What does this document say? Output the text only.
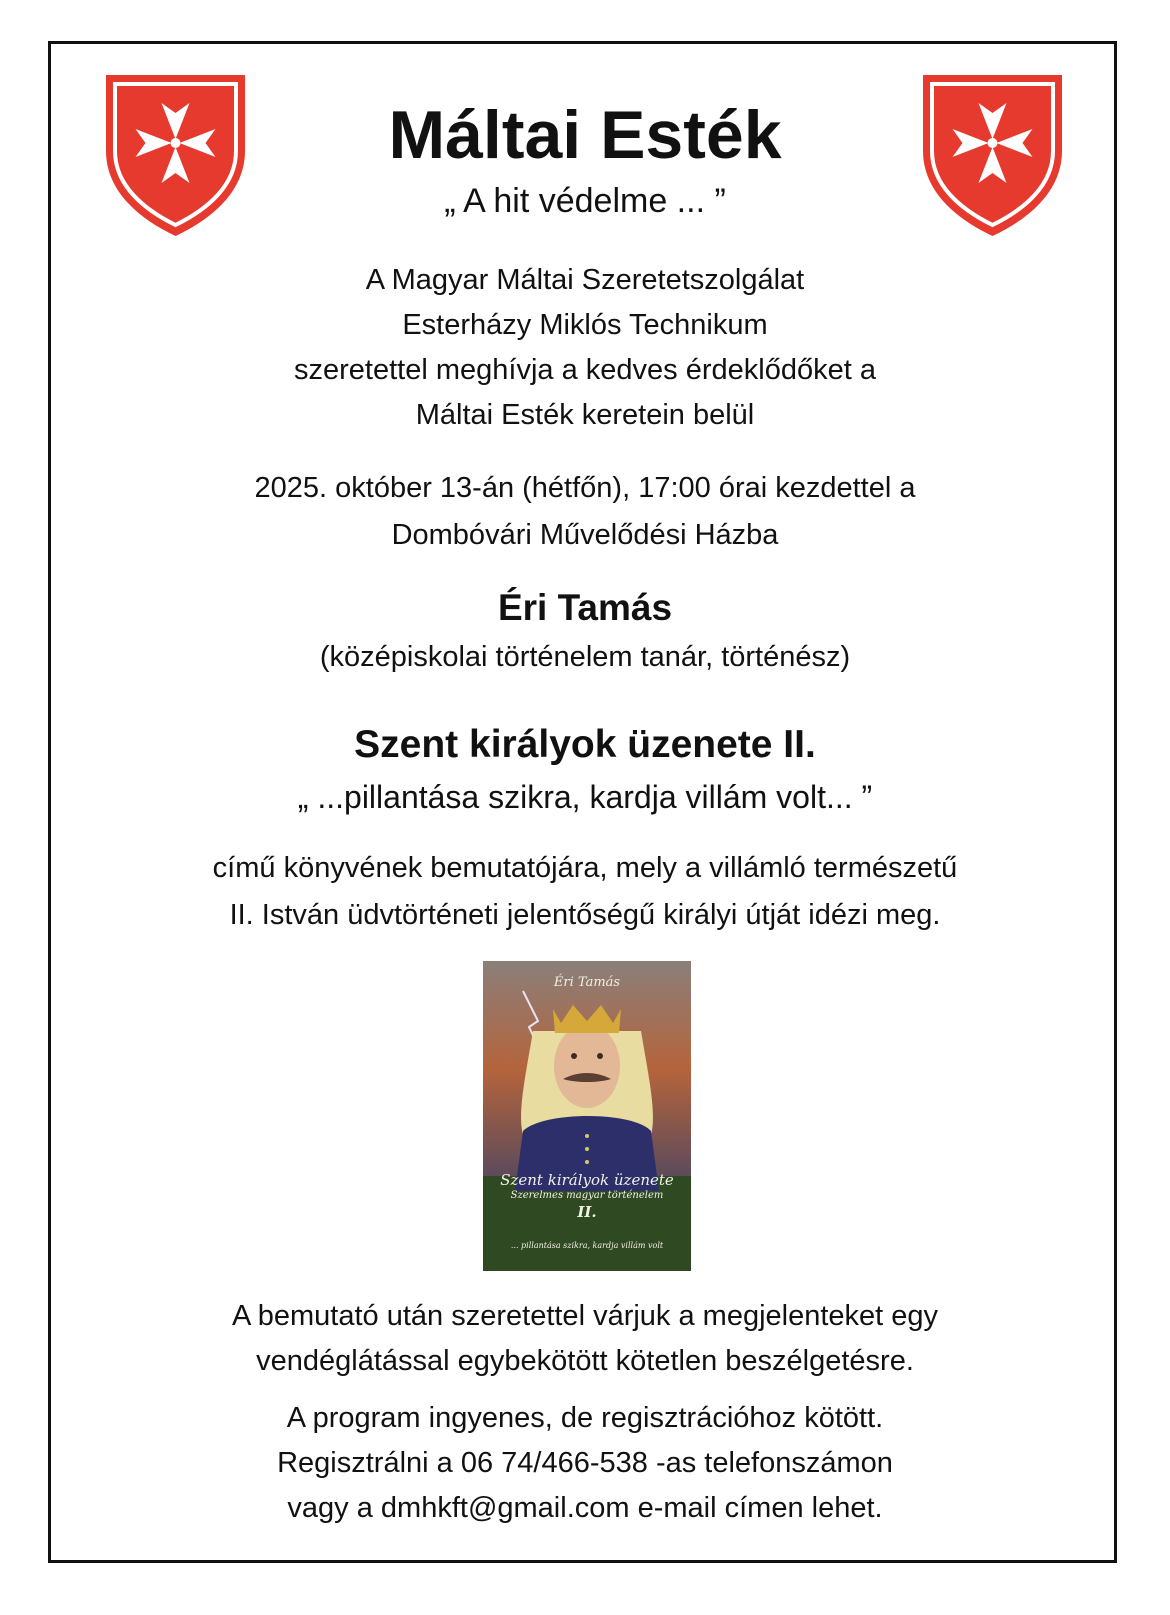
Máltai Esték
„ A hit védelme ... ”
A Magyar Máltai Szeretetszolgálat
Esterházy Miklós Technikum
szeretettel meghívja a kedves érdeklődőket a
Máltai Esték keretein belül
2025. október 13-án (hétfőn), 17:00 órai kezdettel a
Dombóvári Művelődési Házba
Éri Tamás
(középiskolai történelem tanár, történész)
Szent királyok üzenete II.
„ ...pillantása szikra, kardja villám volt... ”
című könyvének bemutatójára, mely a villámló természetű
II. István üdvtörténeti jelentőségű királyi útját idézi meg.
Éri Tamás
Szent királyok üzenete
Szerelmes magyar történelem
II.
... pillantása szikra, kardja villám volt
A bemutató után szeretettel várjuk a megjelenteket egy
vendéglátással egybekötött kötetlen beszélgetésre.
A program ingyenes, de regisztrációhoz kötött.
Regisztrálni a 06 74/466-538 -as telefonszámon
vagy a dmhkft@gmail.com e-mail címen lehet.
